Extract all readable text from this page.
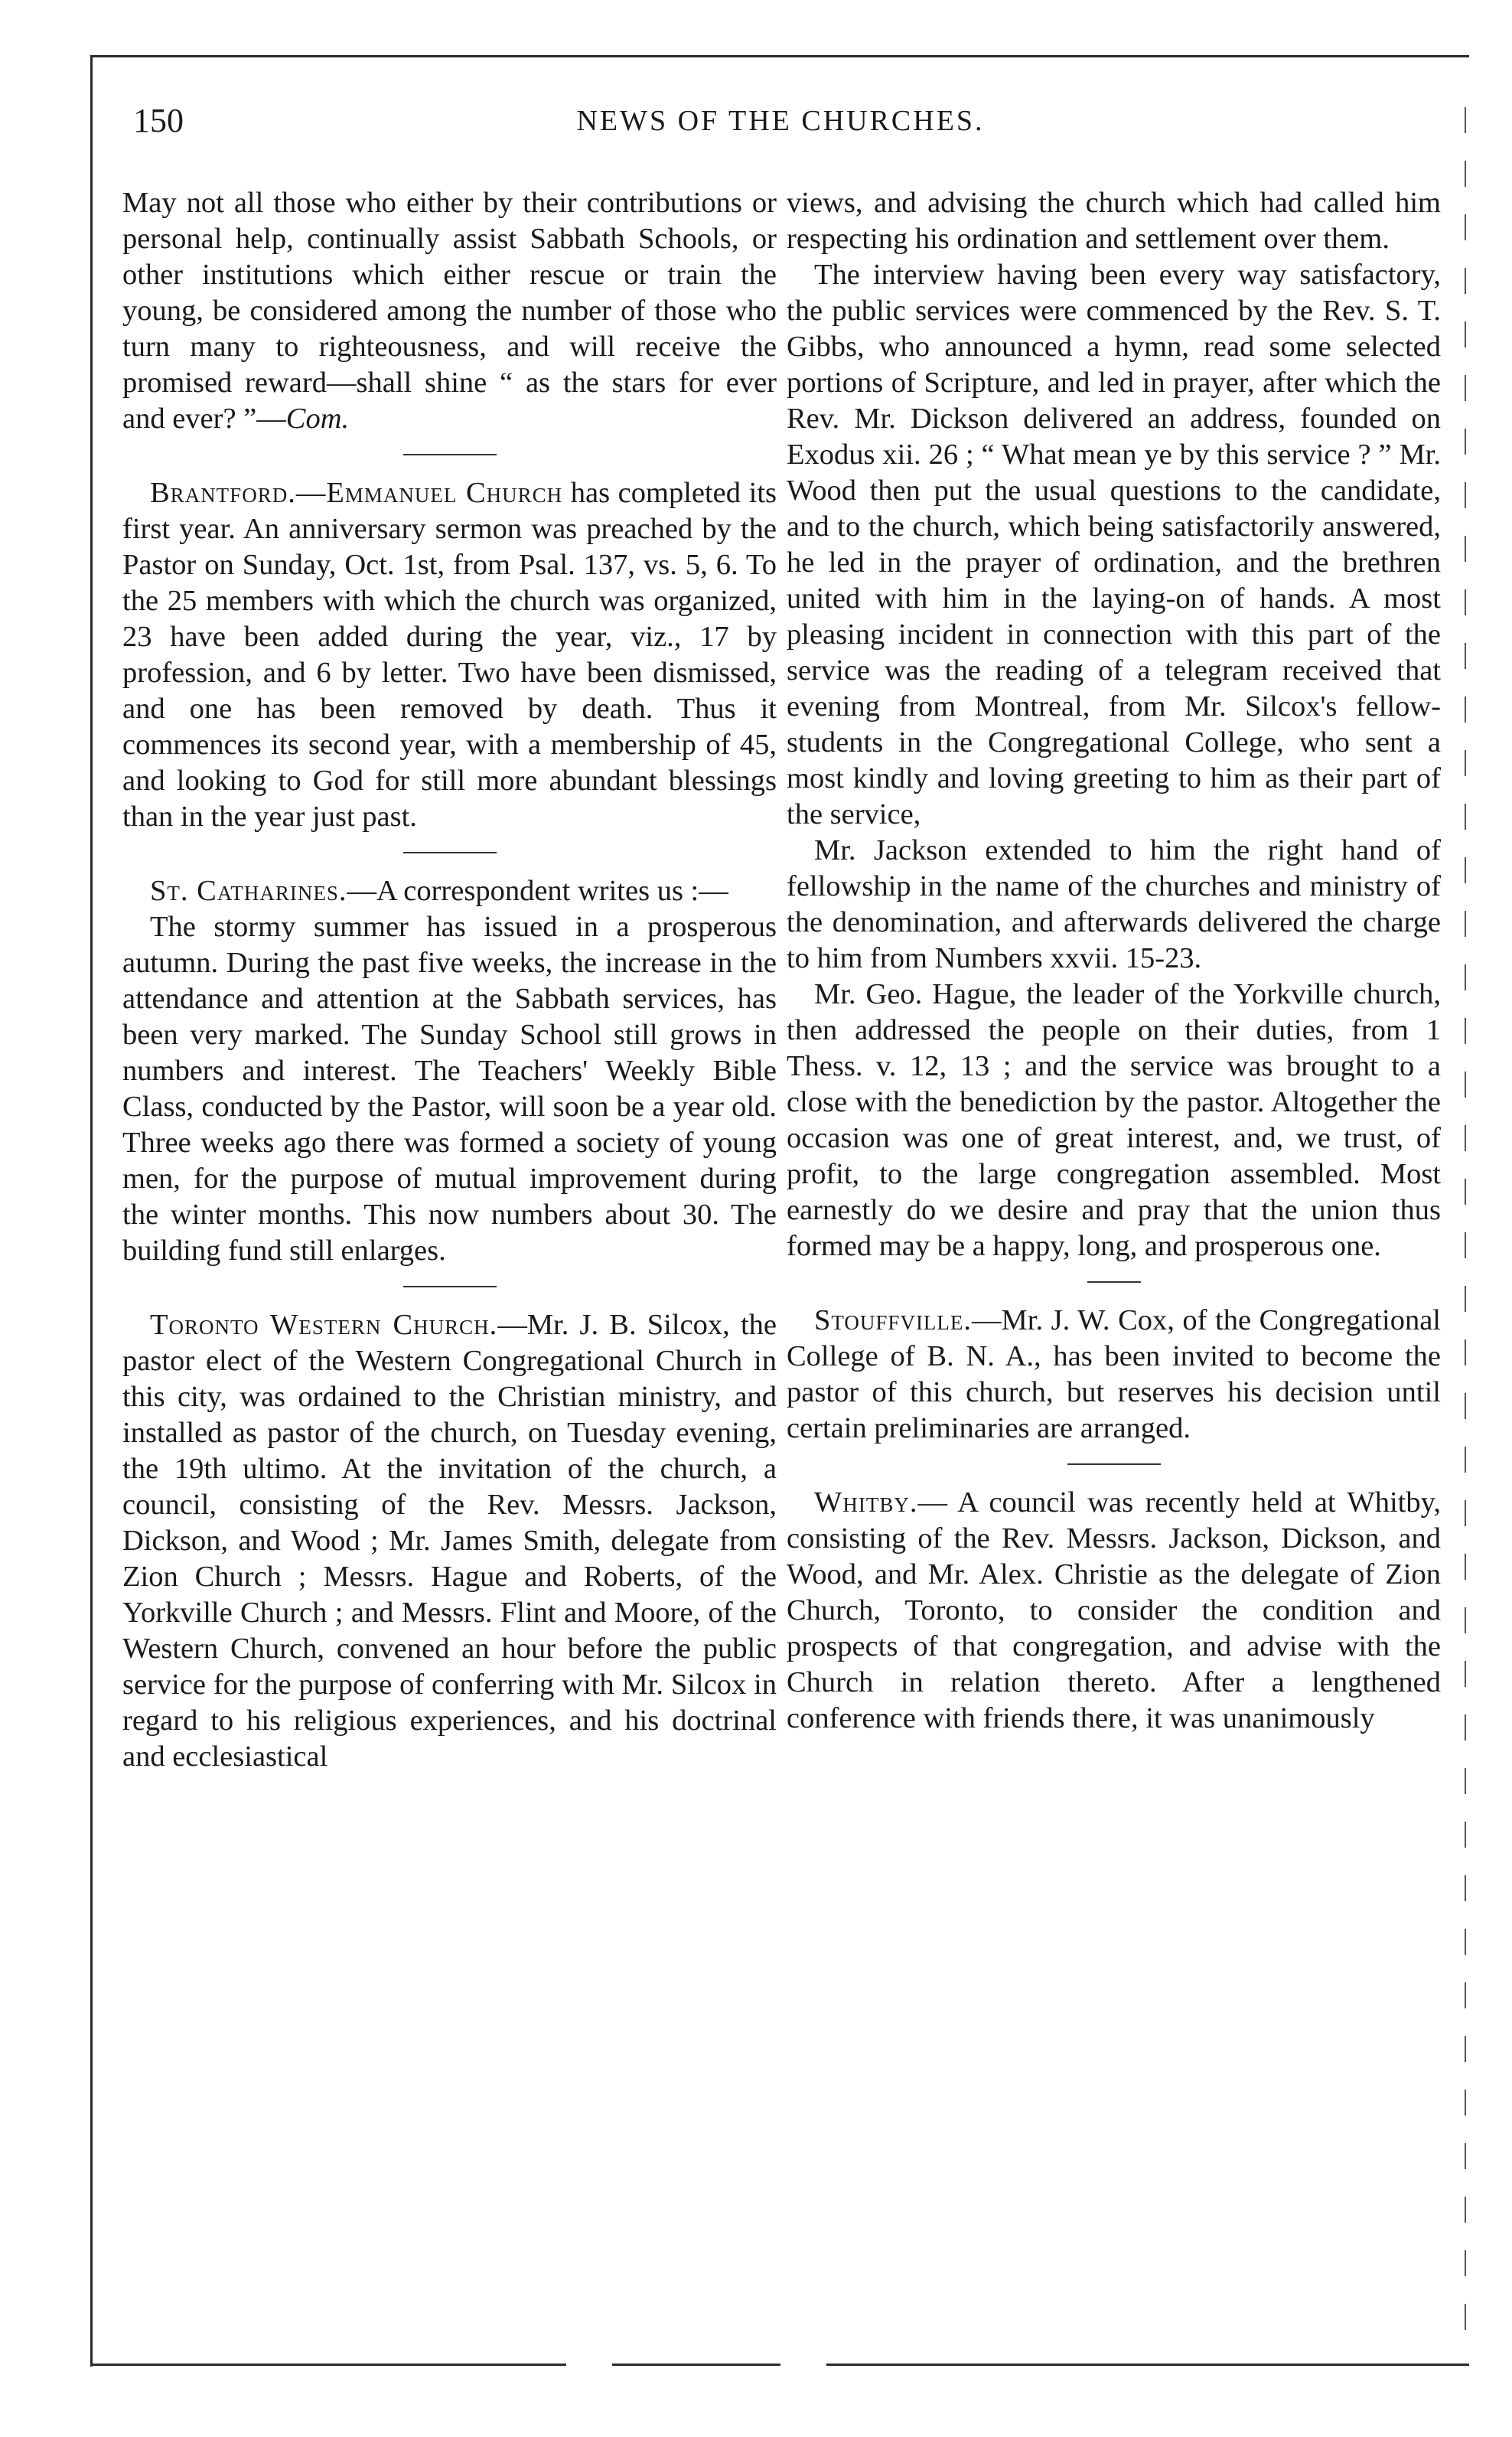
150	NEWS OF THE CHURCHES.

May not all those who either by their contributions or personal help, continually assist Sabbath Schools, or other institutions which either rescue or train the young, be considered among the number of those who turn many to righteousness, and will receive the promised reward—shall shine “ as the stars for ever and ever? ”—Com.

Brantford.—Emmanuel Church has completed its first year. An anniversary sermon was preached by the Pastor on Sunday, Oct. 1st, from Psal. 137, vs. 5, 6. To the 25 members with which the church was organized, 23 have been added during the year, viz., 17 by profession, and 6 by letter. Two have been dismissed, and one has been removed by death. Thus it commences its second year, with a membership of 45, and looking to God for still more abundant blessings than in the year just past.

St. Catharines.—A correspondent writes us :—

The stormy summer has issued in a prosperous autumn. During the past five weeks, the increase in the attendance and attention at the Sabbath services, has been very marked. The Sunday School still grows in numbers and interest. The Teachers' Weekly Bible Class, conducted by the Pastor, will soon be a year old. Three weeks ago there was formed a society of young men, for the purpose of mutual improvement during the winter months. This now numbers about 30. The building fund still enlarges.

Toronto Western Church.—Mr. J. B. Silcox, the pastor elect of the Western Congregational Church in this city, was ordained to the Christian ministry, and installed as pastor of the church, on Tuesday evening, the 19th ultimo. At the invitation of the church, a council, consisting of the Rev. Messrs. Jackson, Dickson, and Wood ; Mr. James Smith, delegate from Zion Church ; Messrs. Hague and Roberts, of the Yorkville Church ; and Messrs. Flint and Moore, of the Western Church, convened an hour before the public service for the purpose of conferring with Mr. Silcox in regard to his religious experiences, and his doctrinal and ecclesiastical

views, and advising the church which had called him respecting his ordination and settlement over them.

The interview having been every way satisfactory, the public services were commenced by the Rev. S. T. Gibbs, who announced a hymn, read some selected portions of Scripture, and led in prayer, after which the Rev. Mr. Dickson delivered an address, founded on Exodus xii. 26 ; “ What mean ye by this service ? ” Mr. Wood then put the usual questions to the candidate, and to the church, which being satisfactorily answered, he led in the prayer of ordination, and the brethren united with him in the laying-on of hands. A most pleasing incident in connection with this part of the service was the reading of a telegram received that evening from Montreal, from Mr. Silcox's fellow-students in the Congregational College, who sent a most kindly and loving greeting to him as their part of the service,

Mr. Jackson extended to him the right hand of fellowship in the name of the churches and ministry of the denomination, and afterwards delivered the charge to him from Numbers xxvii. 15-23.

Mr. Geo. Hague, the leader of the Yorkville church, then addressed the people on their duties, from 1 Thess. v. 12, 13 ; and the service was brought to a close with the benediction by the pastor. Altogether the occasion was one of great interest, and, we trust, of profit, to the large congregation assembled. Most earnestly do we desire and pray that the union thus formed may be a happy, long, and prosperous one.

Stouffville.—Mr. J. W. Cox, of the Congregational College of B. N. A., has been invited to become the pastor of this church, but reserves his decision until certain preliminaries are arranged.

Whitby.— A council was recently held at Whitby, consisting of the Rev. Messrs. Jackson, Dickson, and Wood, and Mr. Alex. Christie as the delegate of Zion Church, Toronto, to consider the condition and prospects of that congregation, and advise with the Church in relation thereto. After a lengthened conference with friends there, it was unanimously
